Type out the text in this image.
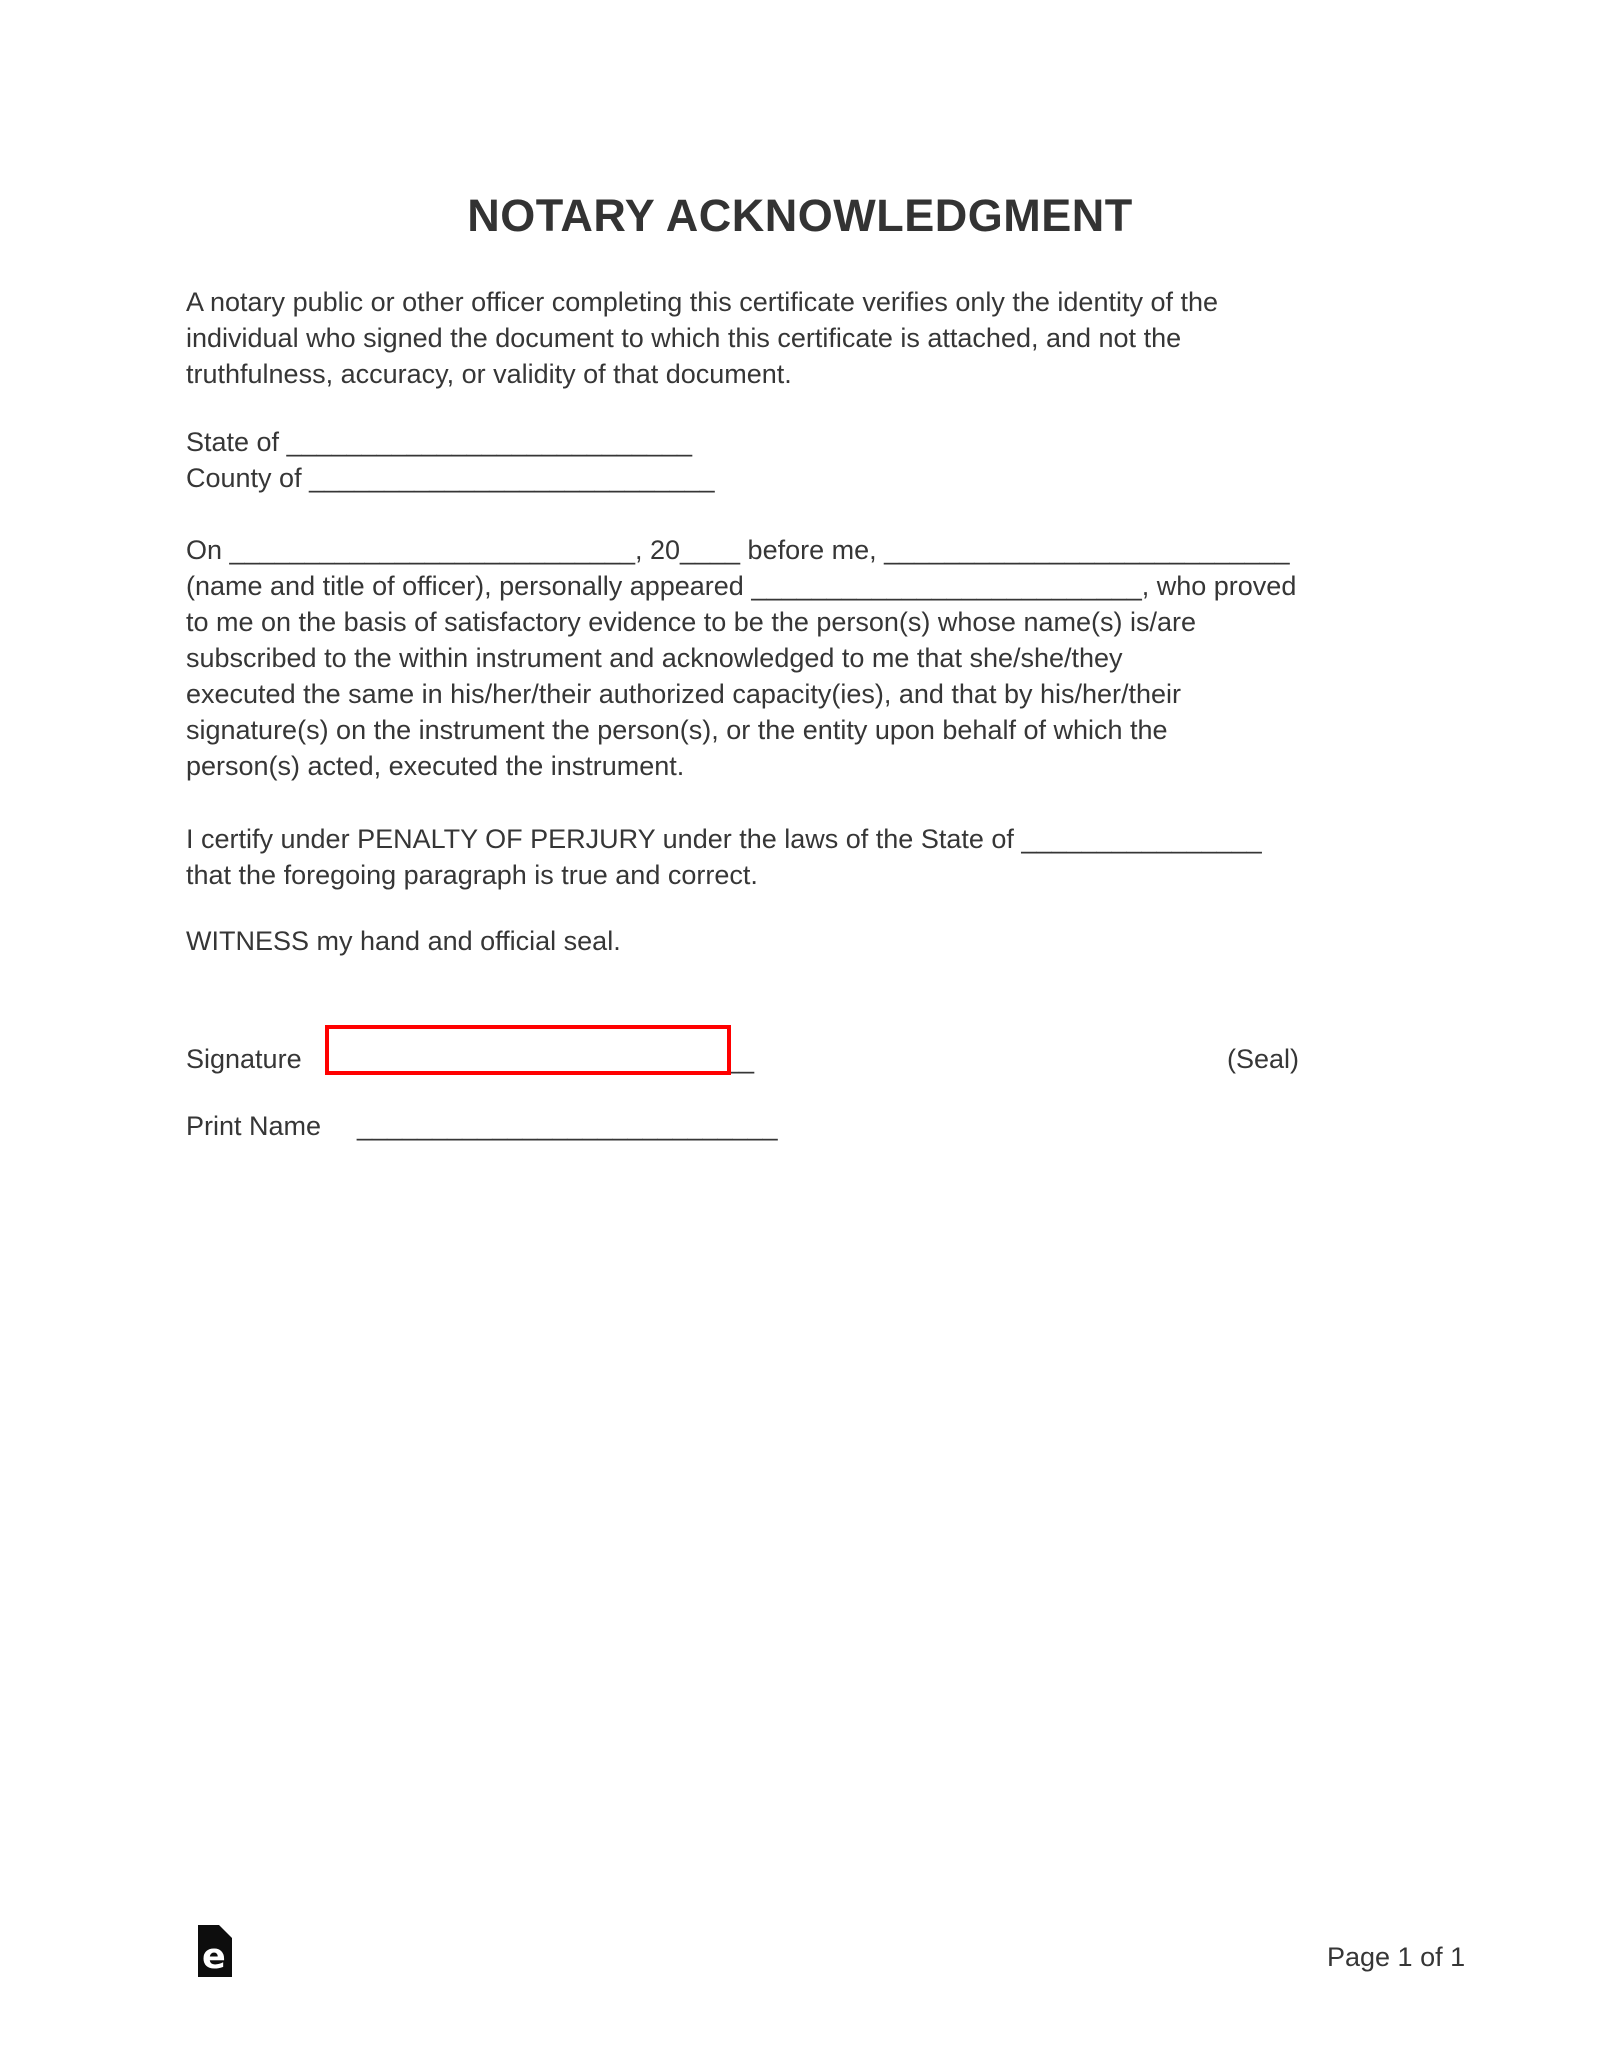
NOTARY ACKNOWLEDGMENT
A notary public or other officer completing this certificate verifies only the identity of the
individual who signed the document to which this certificate is attached, and not the
truthfulness, accuracy, or validity of that document.
State of ___________________________
County of ___________________________
On ___________________________, 20____ before me, ___________________________
(name and title of officer), personally appeared __________________________, who proved
to me on the basis of satisfactory evidence to be the person(s) whose name(s) is/are
subscribed to the within instrument and acknowledged to me that she/she/they
executed the same in his/her/their authorized capacity(ies), and that by his/her/their
signature(s) on the instrument the person(s), or the entity upon behalf of which the
person(s) acted, executed the instrument.
I certify under PENALTY OF PERJURY under the laws of the State of ________________
that the foregoing paragraph is true and correct.
WITNESS my hand and official seal.
Signature ____________________________	(Seal)
Print Name ____________________________
e	Page 1 of 1
